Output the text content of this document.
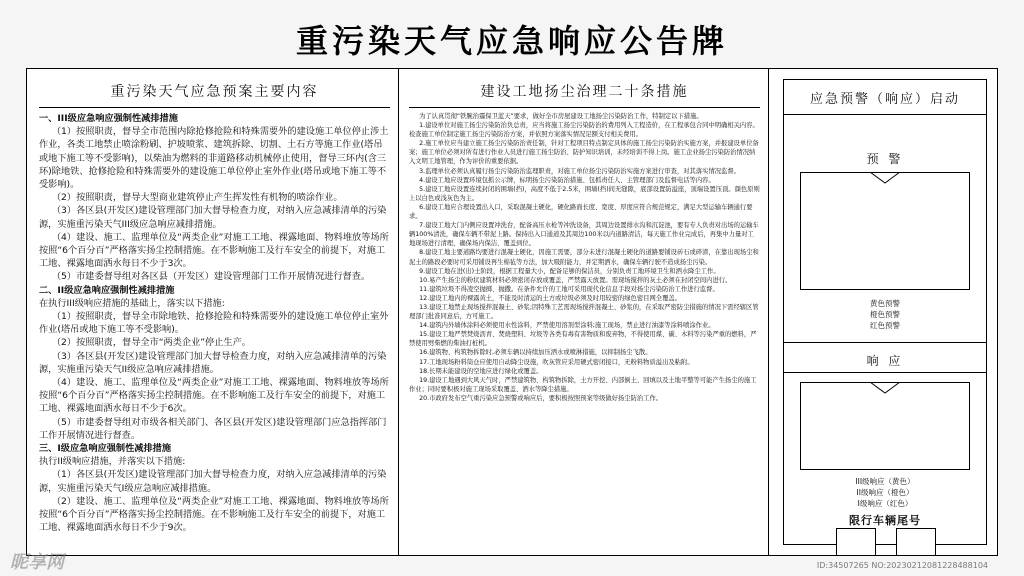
重污染天气应急响应公告牌
重污染天气应急预案主要内容

一、III级应急响应强制性减排措施

（1）按照职责，督导全市范围内除抢修抢险和特殊需要外的建设施工单位停止涉土作业，各类工地禁止喷涂粉刷、护坡喷浆、建筑拆除、切割、土石方等施工作业(塔吊或地下施工等不受影响)，以柴油为燃料的非道路移动机械停止使用，督导三环内(含三环)除地铁、抢修抢险和特殊需要外的建设施工单位停止室外作业(塔吊或地下施工等不受影响)。

（2）按照职责，督导大型商业建筑停止产生挥发性有机物的喷涂作业。

（3）各区县(开发区)建设管理部门加大督导检查力度，对纳入应急减排清单的污染源，实施重污染天气III级应急响应减排措施。

（4）建设、施工、监理单位及“两类企业”对施工工地、裸露地面、物料堆放等场所按照“6个百分百”严格落实扬尘控制措施。在不影响施工及行车安全的前提下，对施工工地、裸露地面洒水每日不少于3次。

（5）市建委督导组对各区县（开发区）建设管理部门工作开展情况进行督查。

二、II级应急响应强制性减排措施

在执行III级响应措施的基础上，落实以下措施:

（1）按照职责，督导全市除地铁、抢修抢险和特殊需要外的建设施工单位停止室外作业(塔吊或地下施工等不受影响)。

（2）按照职责，督导全市“两类企业”停止生产。

（3）各区县(开发区)建设管理部门加大督导检查力度，对纳入应急减排清单的污染源，实施重污染天气II级应急响应减排措施。

（4）建设、施工、监理单位及“两类企业”对施工工地、裸露地面、物料堆放等场所按照“6个百分百”严格落实扬尘控制措施。在不影响施工及行车安全的前提下，对施工工地、裸露地面洒水每日不少于6次。

（5）市建委督导组对市级各相关部门、各区县(开发区)建设管理部门应急指挥部门工作开展情况进行督查。

三、I级应急响应强制性减排措施

执行II级响应措施，并落实以下措施:

（1）各区县(开发区)建设管理部门加大督导检查力度，对纳入应急减排清单的污染源，实施重污染天气I级应急响应减排措施。

（2）建设、施工、监理单位及“两类企业”对施工工地、裸露地面、物料堆放等场所按照“6个百分百”严格落实扬尘控制措施。在不影响施工及行车安全的前提下，对施工工地、裸露地面洒水每日不少于9次。

建设工地扬尘治理二十条措施

为了认真贯彻“铁腕治霾保卫蓝天”要求，做好全市房屋建设工地扬尘污染防治工作，特制定以下措施。

1.建设单位对施工扬尘污染防治负总责，应当将施工扬尘污染防治的费用列入工程造价，在工程承包合同中明确相关内容。检查施工单位制定施工扬尘污染防治方案，并依照方案落实情况足额支付相关费用。

2.施工单位应当建立施工扬尘污染防治责任制，针对工程项目特点制定具体的施工扬尘污染防治实施方案，并报建设单位备案；施工单位必须对所有进行作业人员进行施工扬尘防治、防护知识培训，未经培训不得上岗。施工企业扬尘污染防治情况纳入文明工地管理，作为评价的重要依据。

3.监理单位必须认真履行扬尘污染防治监理职责，对施工单位扬尘污染防治实施方案进行审查，对其落实情况监督。

4.建设工地应设置环境包抓公示牌，标明扬尘污染防治措施、包抓责任人、主管理部门及监督电话等内容。

5.建设工地应设置连续封闭的围墙(挡)，高度不低于2.5米，围墙(挡)间无缝隙，底部设置防溢座，顶端设置压顶。颜色原则上以白色或浅灰色为主。

6.建设工地应合理设置出入口，采取混凝土硬化，硬化路面长度、宽度、厚度应符合规范规定，满足大型运输车辆通行要求。

7.建设工地大门内侧应设置冲洗台，配备高压水枪等冲洗设备，其周边设置排水沟和沉淀池，要有专人负责对出场的运输车辆100%清洗，确保车辆不带泥上路。保持出入口通道及其周边100米以内道路清洁，每天施工作业完成后，再集中力量对工地现场进行清理，确保场内保洁、覆盖到位。

8.建设工地主要道路均要进行混凝土硬化，因施工需要，部分未进行混凝土硬化的道路要铺设砖石或碎渣，在靠出现场尘和泥土的路段必要时可采用铺设再生棉毡等方法，加大吸附能力，并定期洒水，确保车辆行驶不造成扬尘污染。

9.建设工地在进(出)土阶段，根据工程量大小，配备足够的保洁员，分别负责工地环境卫生和洒水降尘工作。

10.易产生扬尘的粉状建筑材料必须密闭存放或覆盖，严禁露天放置。需现场搅拌的灰土必须在封闭空间内进行。

11.建筑垃圾不得凌空抛掷、抛撒。在条件允许的工地可采用现代化信息手段对扬尘污染防治工作进行监督。

12.建设工地内的裸露黄土，不能及时清运的土方或垃圾必须及时用较密的绿色密目网全覆盖。

13.建设工地禁止现场搅拌混凝土、砂浆;因特殊工艺需现场搅拌混凝土、砂浆的，在采取严密防尘措施的情况下需经辖区管理部门批准同意后，方可施工。

14.建筑内外墙体涂料必须使用水性涂料，严禁使用溶剂型涂料;施工现场，禁止进行油漆等涂料喷涂作业。

15.建设工地严禁焚烧沥青、焚烧塑料、垃圾等各类有毒有害物质和废弃物，不得使用煤、碳、木料等污染严重的燃料，严禁使用劈柴燃的柴油打桩机。

16.建筑物、构筑物拆除时,必须车辆以持续加压洒水或喷淋措施，以抑制扬尘飞散。

17.工地现场粉料筒仓应使用自动降尘设施，吹灰管应采用硬式密闭接口，无粉料物质溢出及粘附。

18.长期未能建设的空地应进行绿化或覆盖。

19.建设工地遇到大风天气时，严禁建筑物、构筑物拆除，土方开挖、内部倒土、回填以及土地平整等可能产生扬尘的施工作业；同时要积极对施工现场采取覆盖、洒水等降尘措施。

20.市政府发布空气重污染应急预警或响应后，要积极按照预案等级做好扬尘防治工作。

应急预警（响应）启动
预 警
黄色预警
橙色预警
红色预警
响 应
III级响应（黄色）
II级响应（橙色）
I级响应（红色）
限行车辆尾号
昵享网	ID:34507265 NO:20230212081228488104
